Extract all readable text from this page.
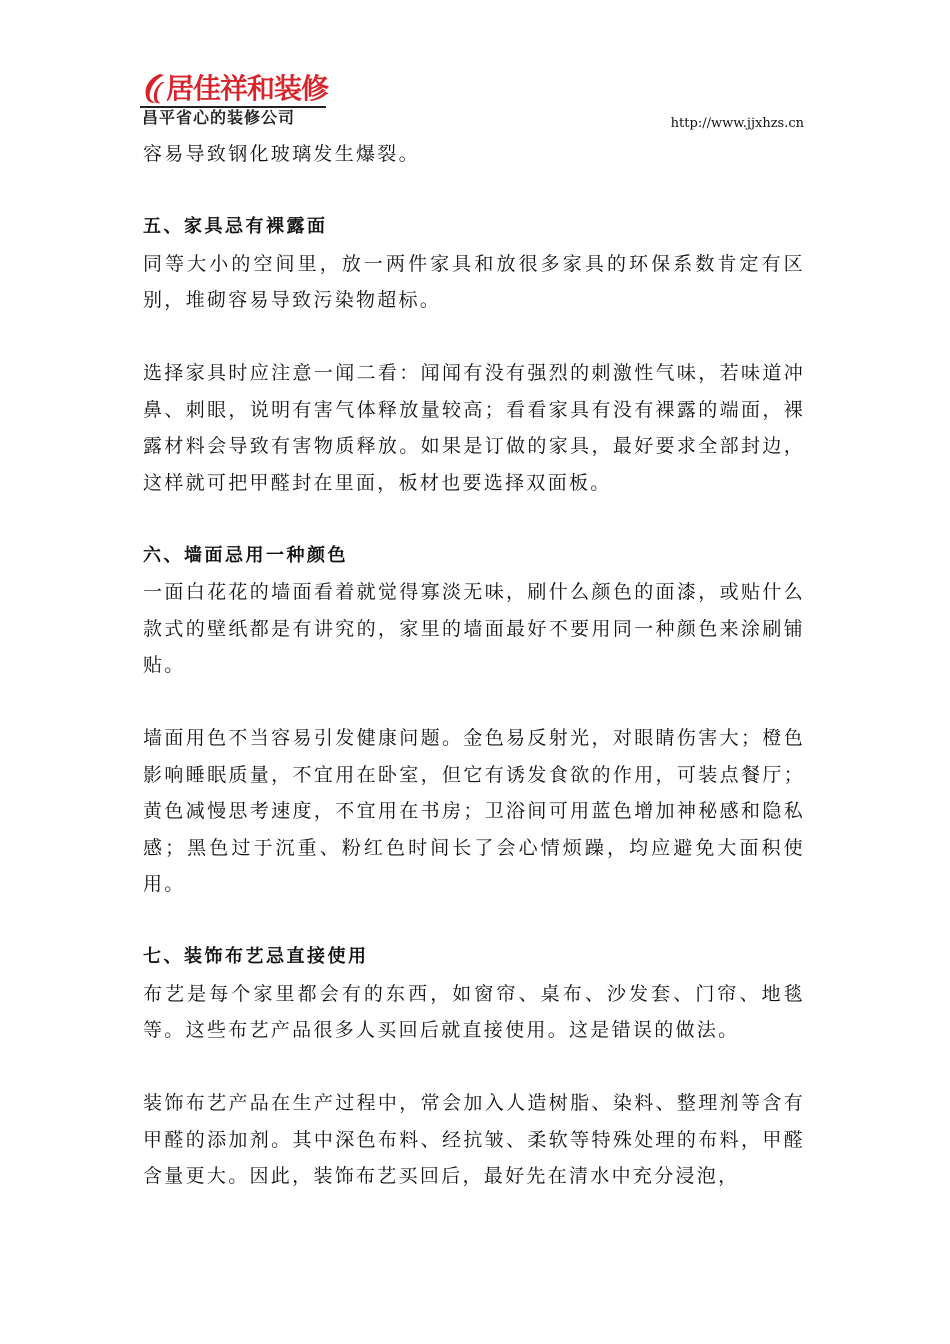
居佳祥和装修
昌平省心的装修公司	http://www.jjxhzs.cn

容易导致钢化玻璃发生爆裂。

五、家具忌有裸露面

同等大小的空间里，放一两件家具和放很多家具的环保系数肯定有区别，堆砌容易导致污染物超标。

选择家具时应注意一闻二看：闻闻有没有强烈的刺激性气味，若味道冲鼻、刺眼，说明有害气体释放量较高；看看家具有没有裸露的端面，裸露材料会导致有害物质释放。如果是订做的家具，最好要求全部封边，这样就可把甲醛封在里面，板材也要选择双面板。

六、墙面忌用一种颜色

一面白花花的墙面看着就觉得寡淡无味，刷什么颜色的面漆，或贴什么款式的壁纸都是有讲究的，家里的墙面最好不要用同一种颜色来涂刷铺贴。

墙面用色不当容易引发健康问题。金色易反射光，对眼睛伤害大；橙色影响睡眠质量，不宜用在卧室，但它有诱发食欲的作用，可装点餐厅；黄色减慢思考速度，不宜用在书房；卫浴间可用蓝色增加神秘感和隐私感；黑色过于沉重、粉红色时间长了会心情烦躁，均应避免大面积使用。

七、装饰布艺忌直接使用

布艺是每个家里都会有的东西，如窗帘、桌布、沙发套、门帘、地毯等。这些布艺产品很多人买回后就直接使用。这是错误的做法。

装饰布艺产品在生产过程中，常会加入人造树脂、染料、整理剂等含有甲醛的添加剂。其中深色布料、经抗皱、柔软等特殊处理的布料，甲醛含量更大。因此，装饰布艺买回后，最好先在清水中充分浸泡，
